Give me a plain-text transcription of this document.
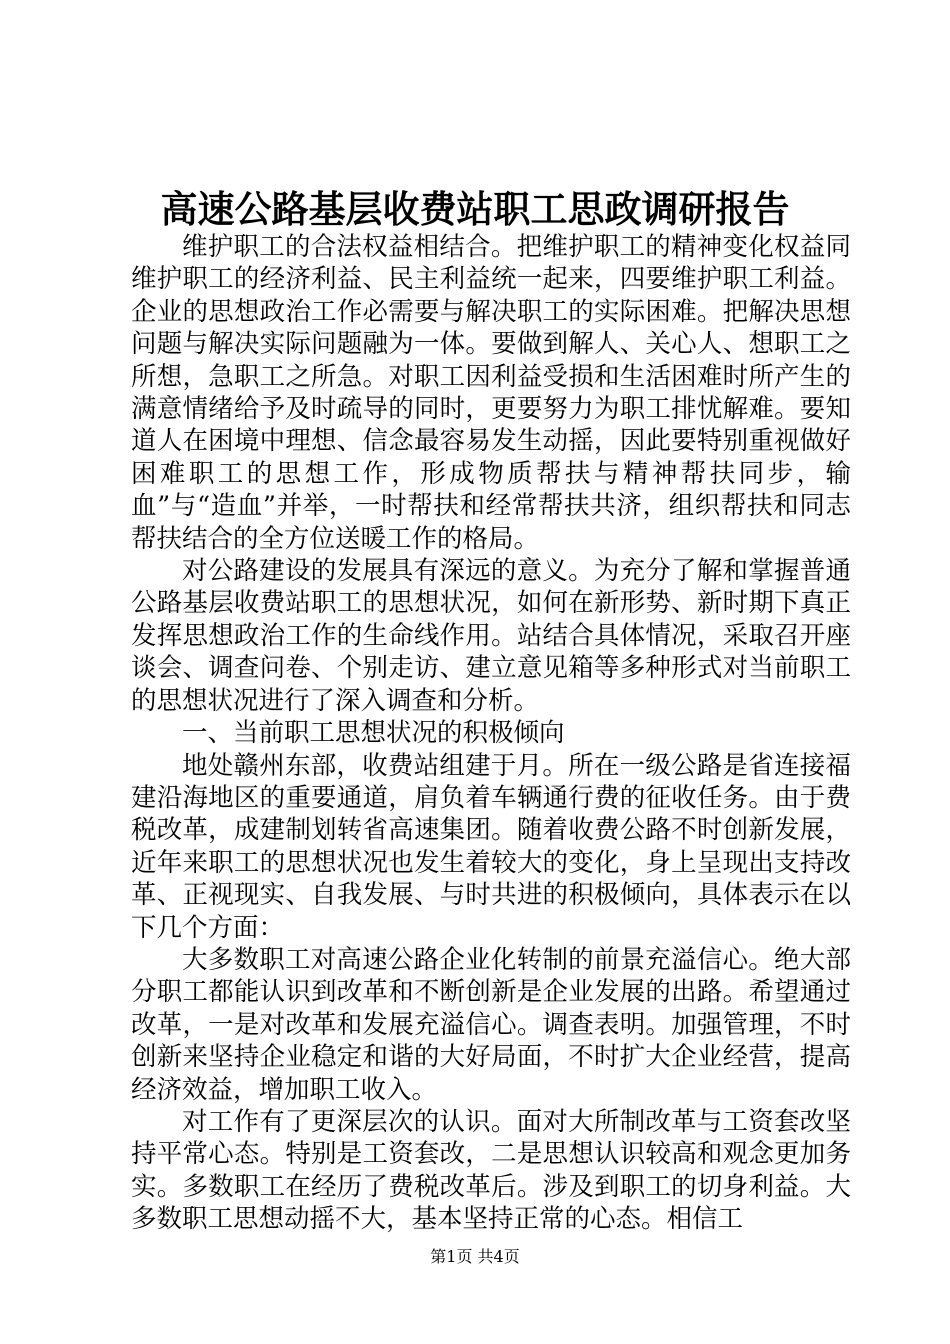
高速公路基层收费站职工思政调研报告

维护职工的合法权益相结合。把维护职工的精神变化权益同维护职工的经济利益、民主利益统一起来，四要维护职工利益。企业的思想政治工作必需要与解决职工的实际困难。把解决思想问题与解决实际问题融为一体。要做到解人、关心人、想职工之所想，急职工之所急。对职工因利益受损和生活困难时所产生的满意情绪给予及时疏导的同时，更要努力为职工排忧解难。要知道人在困境中理想、信念最容易发生动摇，因此要特别重视做好困难职工的思想工作，形成物质帮扶与精神帮扶同步，输血”与“造血”并举，一时帮扶和经常帮扶共济，组织帮扶和同志帮扶结合的全方位送暖工作的格局。

对公路建设的发展具有深远的意义。为充分了解和掌握普通公路基层收费站职工的思想状况，如何在新形势、新时期下真正发挥思想政治工作的生命线作用。站结合具体情况，采取召开座谈会、调查问卷、个别走访、建立意见箱等多种形式对当前职工的思想状况进行了深入调查和分析。

一、当前职工思想状况的积极倾向

地处赣州东部，收费站组建于月。所在一级公路是省连接福建沿海地区的重要通道，肩负着车辆通行费的征收任务。由于费税改革，成建制划转省高速集团。随着收费公路不时创新发展，近年来职工的思想状况也发生着较大的变化，身上呈现出支持改革、正视现实、自我发展、与时共进的积极倾向，具体表示在以下几个方面：

大多数职工对高速公路企业化转制的前景充溢信心。绝大部分职工都能认识到改革和不断创新是企业发展的出路。希望通过改革，一是对改革和发展充溢信心。调查表明。加强管理，不时创新来坚持企业稳定和谐的大好局面，不时扩大企业经营，提高经济效益，增加职工收入。

对工作有了更深层次的认识。面对大所制改革与工资套改坚持平常心态。特别是工资套改，二是思想认识较高和观念更加务实。多数职工在经历了费税改革后。涉及到职工的切身利益。大多数职工思想动摇不大，基本坚持正常的心态。相信工

第1页 共4页
